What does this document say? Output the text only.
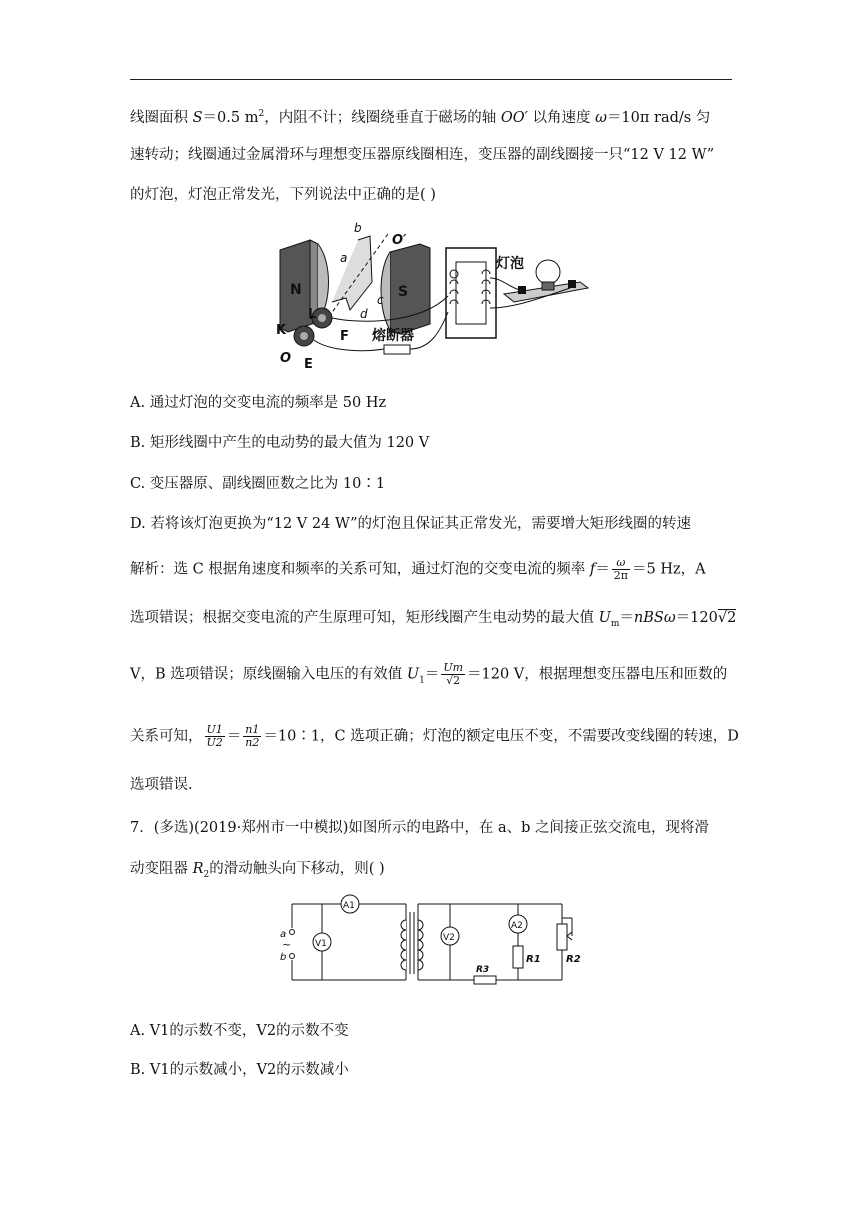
线圈面积 S＝0.5 $m^2$，内阻不计；线圈绕垂直于磁场的轴 OO′ 以角速度 ω＝10π rad/s 匀
速转动；线圈通过金属滑环与理想变压器原线圈相连，变压器的副线圈接一只“12 V 12 W”
的灯泡，灯泡正常发光，下列说法中正确的是( )
N	S
a
b
c
d
O′
L
K
O E
F 熔断器
灯泡
A. 通过灯泡的交变电流的频率是 50 Hz
B. 矩形线圈中产生的电动势的最大值为 120 V
C. 变压器原、副线圈匝数之比为 10∶1
D. 若将该灯泡更换为“12 V 24 W”的灯泡且保证其正常发光，需要增大矩形线圈的转速
解析：选 C 根据角速度和频率的关系可知，通过灯泡的交变电流的频率 $f= \frac{\omega}{2\pi} =5$ Hz，A
选项错误；根据交变电流的产生原理可知，矩形线圈产生电动势的最大值 $U_m=nBS\omega=120√2$
V，B 选项错误；原线圈输入电压的有效值 $U_1= \frac{Um}{√2} =120$ V，根据理想变压器电压和匝数的
关系可知， $\frac{U1}{U2} = \frac{n1}{n2}$ ＝10∶1，C 选项正确；灯泡的额定电压不变，不需要改变线圈的转速，D
选项错误.
7．(多选)(2019·郑州市一中模拟)如图所示的电路中，在 a、b 之间接正弦交流电，现将滑
动变阻器 $R_2$的滑动触头向下移动，则( )
a
~
b
V1
A1
V2
A2
R1
R3
R2
A. V1的示数不变，V2的示数不变
B. V1的示数减小，V2的示数减小
